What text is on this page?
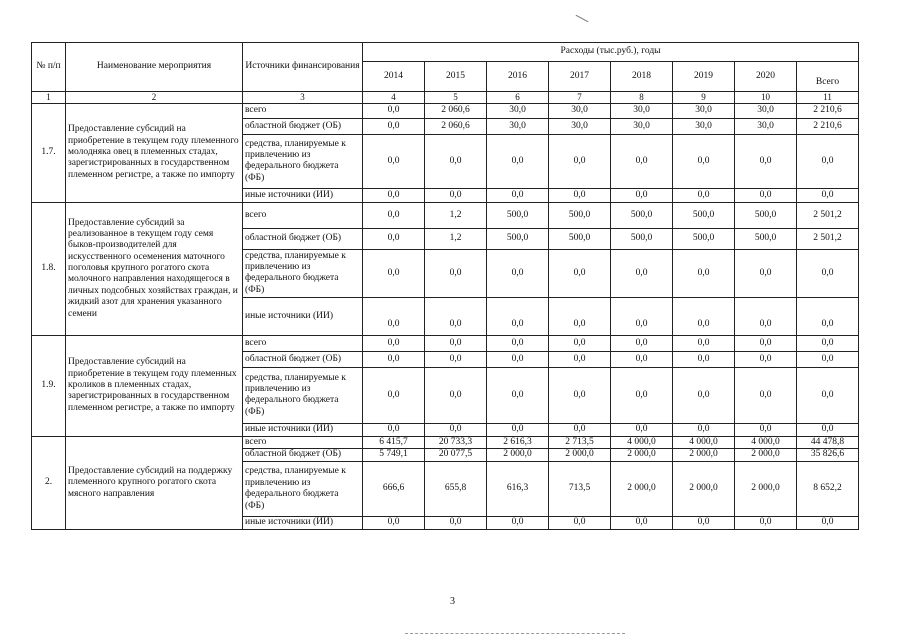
№ п/п	Наименование мероприятия	Источники финансирования	Расходы (тыс.руб.), годы							
			2014	2015	2016	2017	2018	2019	2020	Всего
1	2	3	4	5	6	7	8	9	10	11
1.7.	Предоставление субсидий на приобретение в текущем году племенного молодняка овец в племенных стадах, зарегистрированных в государственном племенном регистре, а также по импорту	всего	0,0	2 060,6	30,0	30,0	30,0	30,0	30,0	2 210,6
		областной бюджет (ОБ)	0,0	2 060,6	30,0	30,0	30,0	30,0	30,0	2 210,6
		средства, планируемые к привлечению из федерального бюджета (ФБ)	0,0	0,0	0,0	0,0	0,0	0,0	0,0	0,0
		иные источники (ИИ)	0,0	0,0	0,0	0,0	0,0	0,0	0,0	0,0
1.8.	Предоставление субсидий за реализованное в текущем году семя быков-производителей для искусственного осеменения маточного поголовья крупного рогатого скота молочного направления находящегося в личных подсобных хозяйствах граждан, и жидкий азот для хранения указанного семени	всего	0,0	1,2	500,0	500,0	500,0	500,0	500,0	2 501,2
		областной бюджет (ОБ)	0,0	1,2	500,0	500,0	500,0	500,0	500,0	2 501,2
		средства, планируемые к привлечению из федерального бюджета (ФБ)	0,0	0,0	0,0	0,0	0,0	0,0	0,0	0,0
		иные источники (ИИ)	0,0	0,0	0,0	0,0	0,0	0,0	0,0	0,0
1.9.	Предоставление субсидий на приобретение в текущем году племенных кроликов в племенных стадах, зарегистрированных в государственном племенном регистре, а также по импорту	всего	0,0	0,0	0,0	0,0	0,0	0,0	0,0	0,0
		областной бюджет (ОБ)	0,0	0,0	0,0	0,0	0,0	0,0	0,0	0,0
		средства, планируемые к привлечению из федерального бюджета (ФБ)	0,0	0,0	0,0	0,0	0,0	0,0	0,0	0,0
		иные источники (ИИ)	0,0	0,0	0,0	0,0	0,0	0,0	0,0	0,0
2.	Предоставление субсидий на поддержку племенного крупного рогатого скота мясного направления	всего	6 415,7	20 733,3	2 616,3	2 713,5	4 000,0	4 000,0	4 000,0	44 478,8
		областной бюджет (ОБ)	5 749,1	20 077,5	2 000,0	2 000,0	2 000,0	2 000,0	2 000,0	35 826,6
		средства, планируемые к привлечению из федерального бюджета (ФБ)	666,6	655,8	616,3	713,5	2 000,0	2 000,0	2 000,0	8 652,2
		иные источники (ИИ)	0,0	0,0	0,0	0,0	0,0	0,0	0,0	0,0
3
